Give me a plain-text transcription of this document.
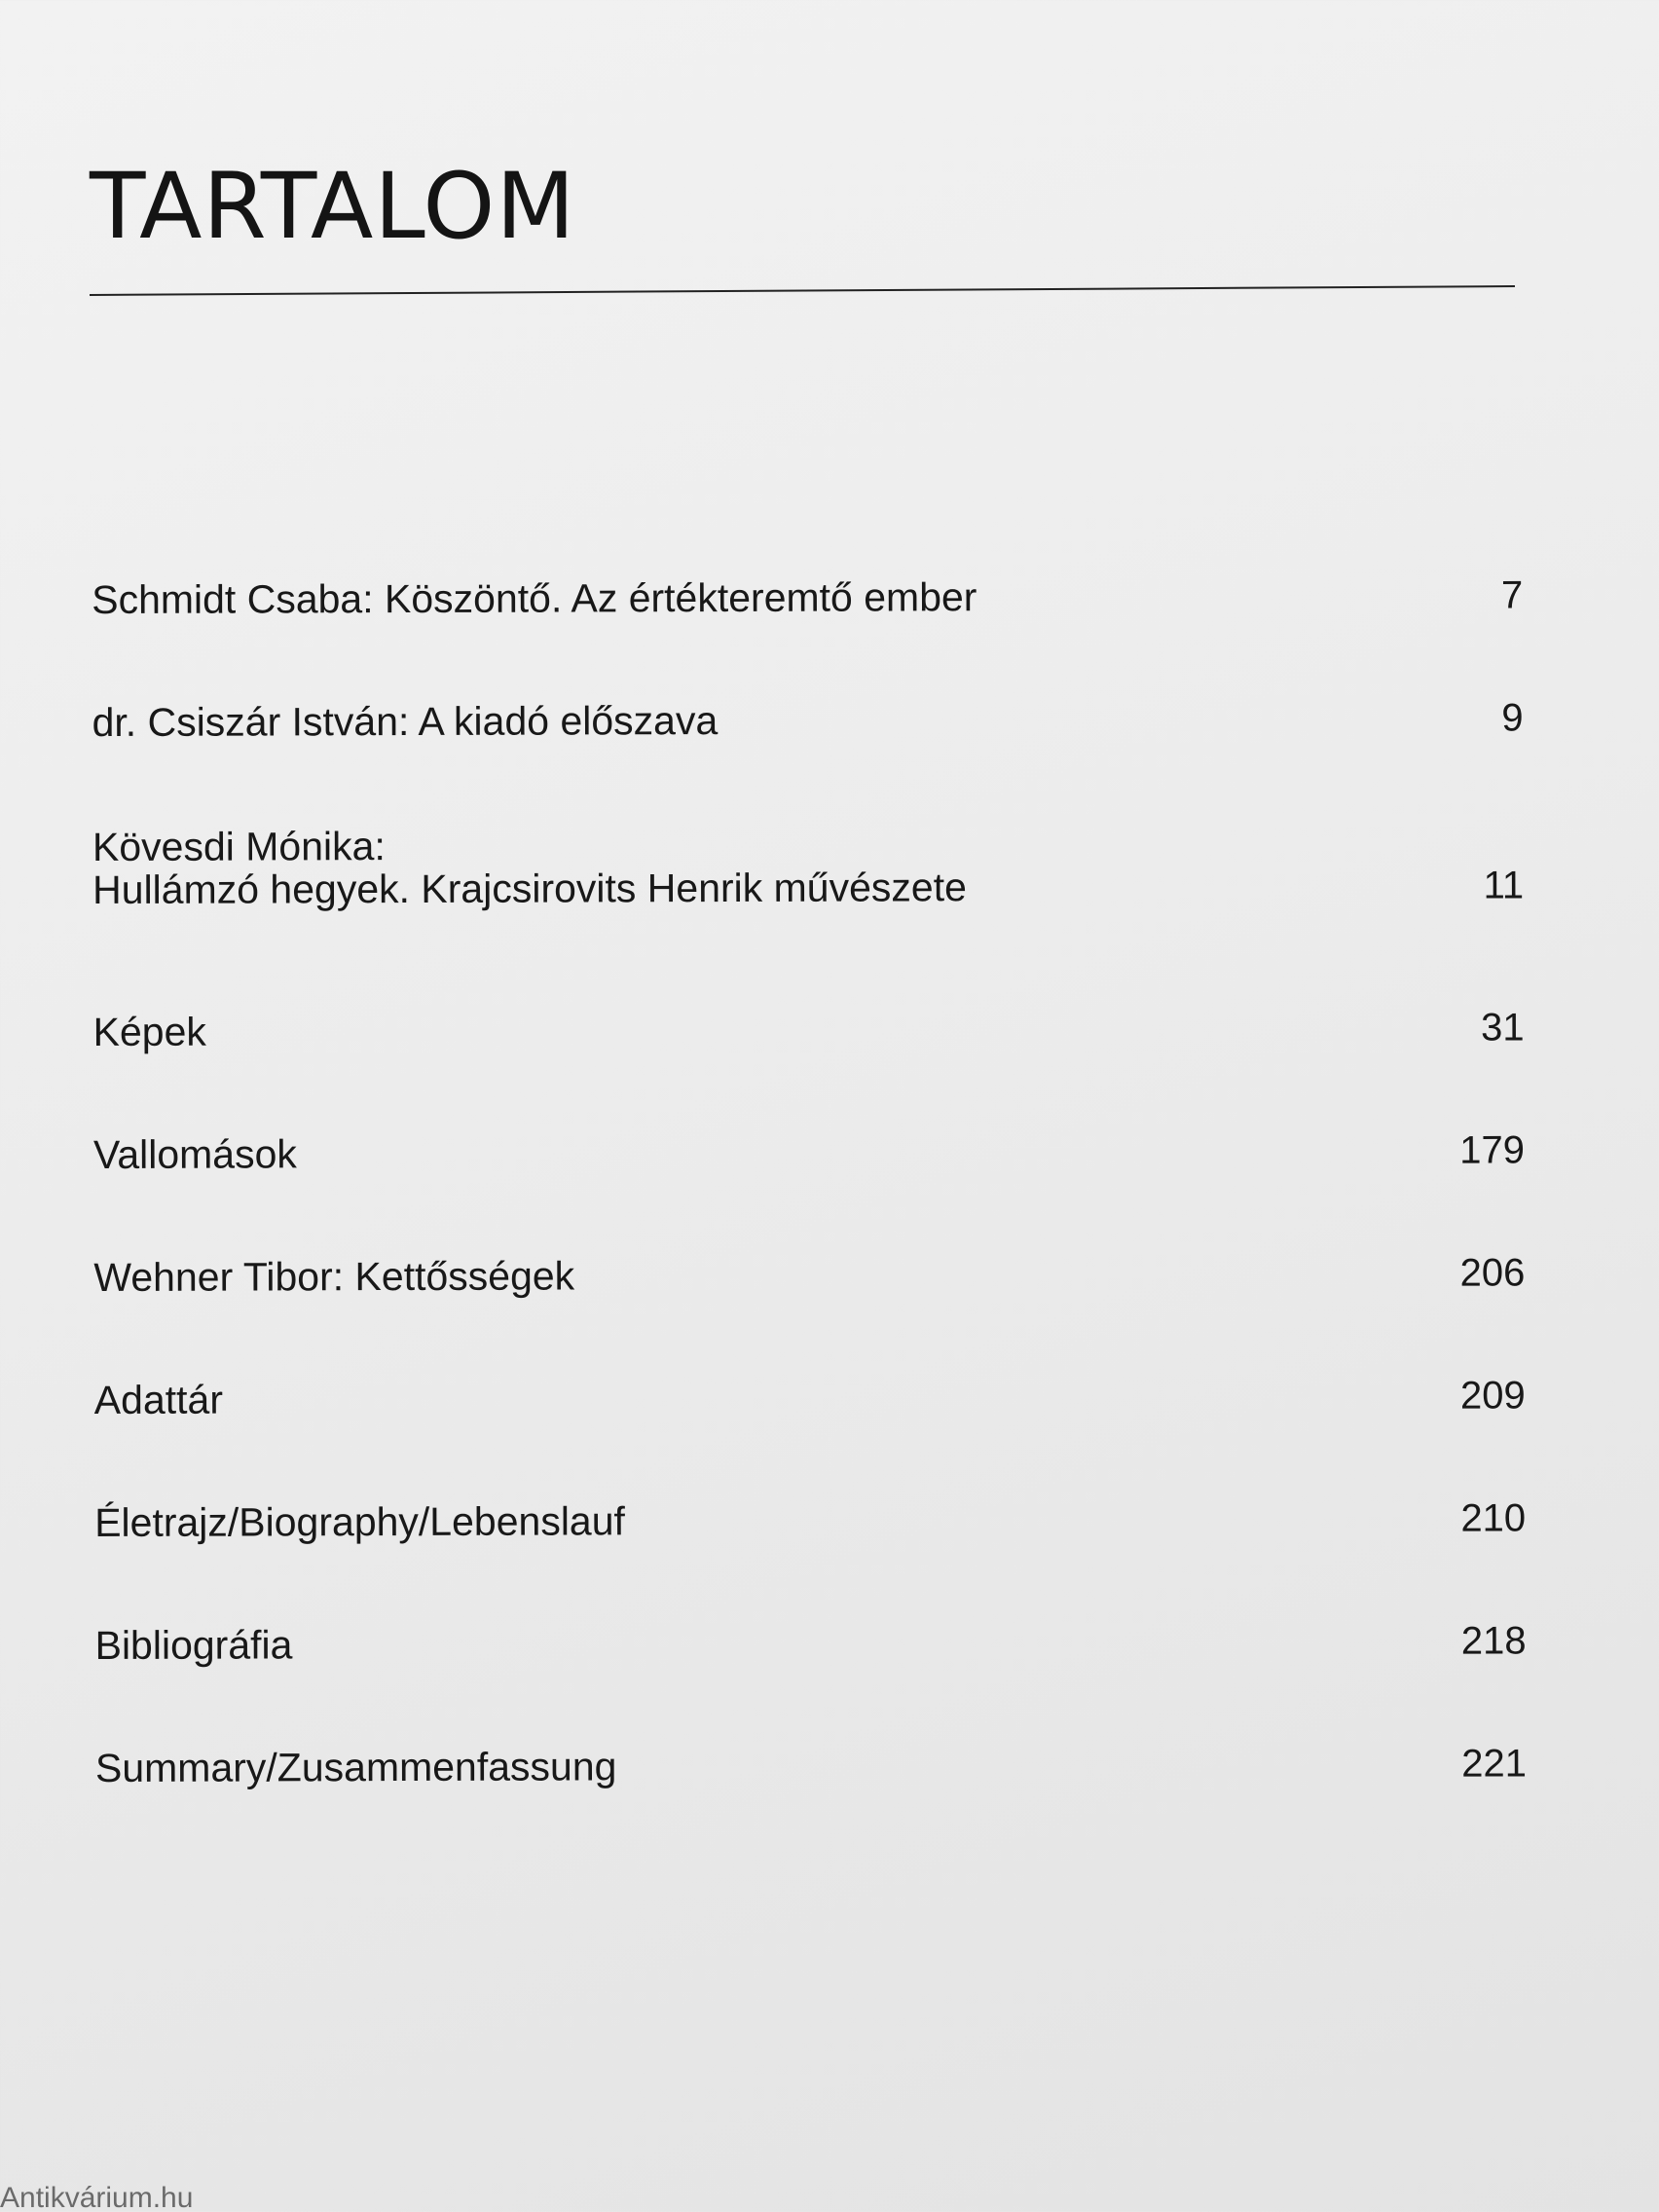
TARTALOM
Schmidt Csaba: Köszöntő. Az értékteremtő ember	7
dr. Csiszár István: A kiadó előszava	9
Kövesdi Mónika:
Hullámzó hegyek. Krajcsirovits Henrik művészete	11
Képek	31
Vallomások	179
Wehner Tibor: Kettősségek	206
Adattár	209
Életrajz/Biography/Lebenslauf	210
Bibliográfia	218
Summary/Zusammenfassung	221
Antikvárium.hu
